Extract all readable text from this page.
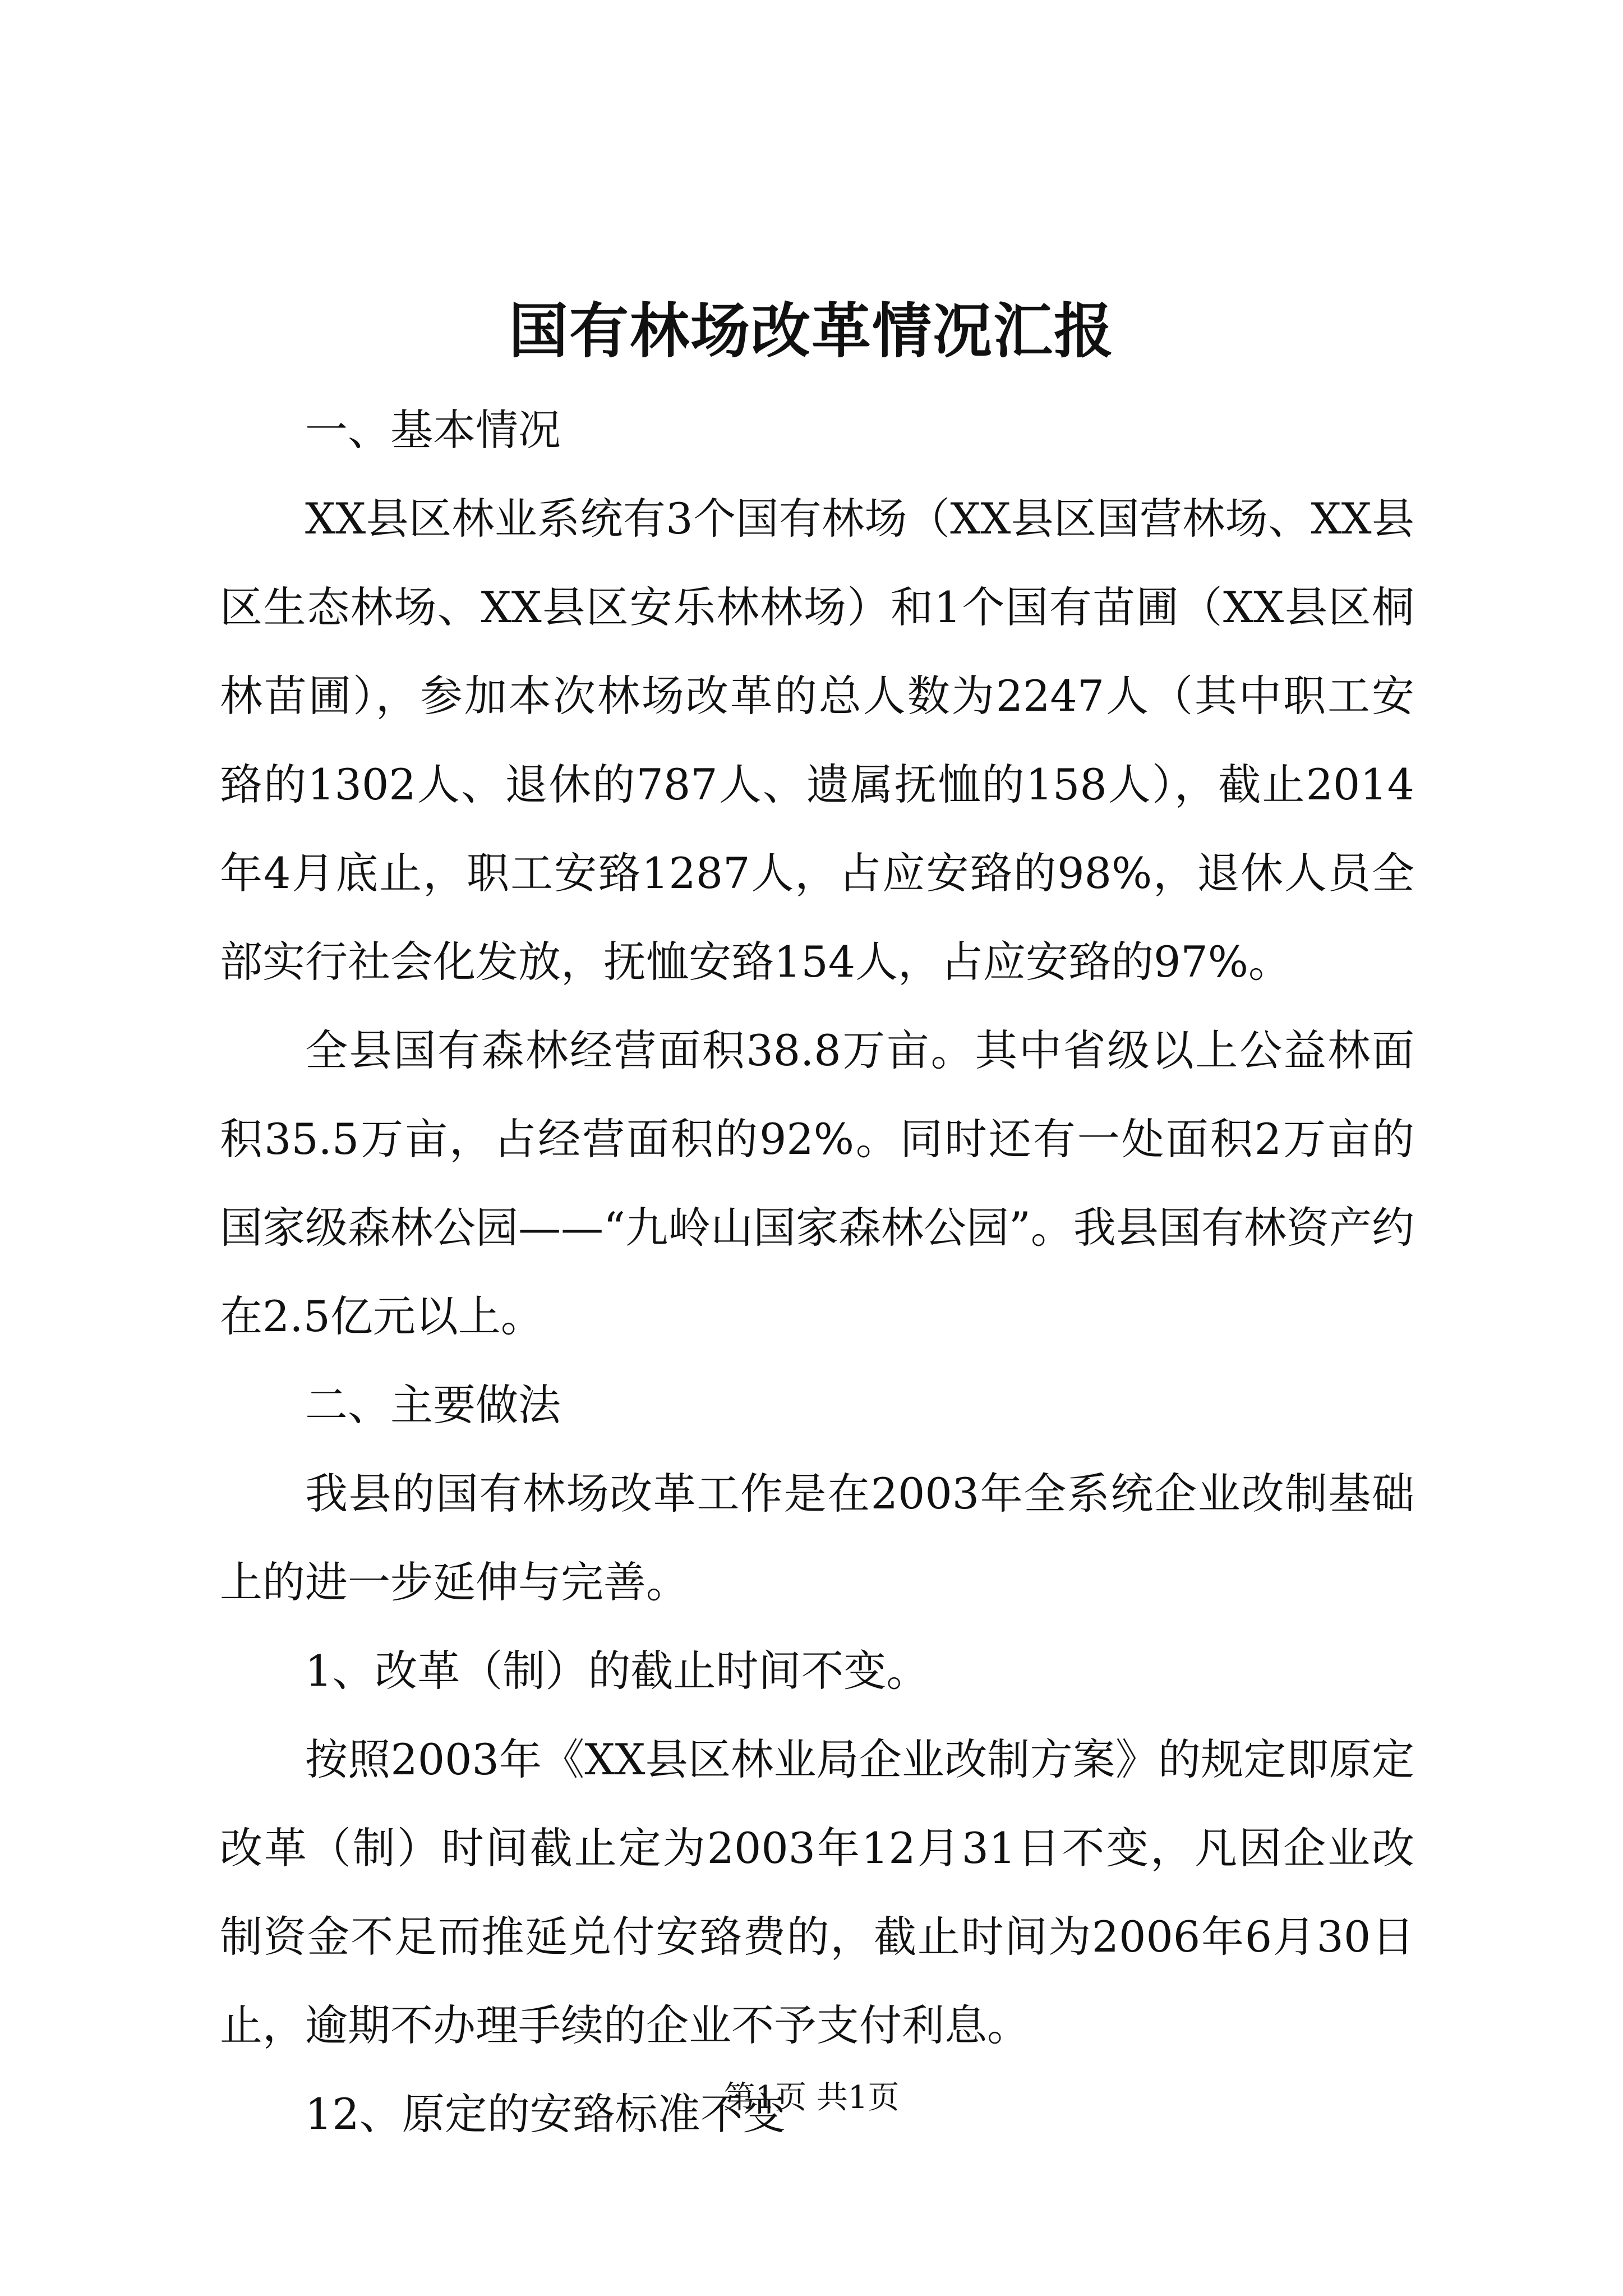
国有林场改革情况汇报

一、基本情况

XX县区林业系统有3个国有林场（XX县区国营林场、XX县区生态林场、XX县区安乐林林场）和1个国有苗圃（XX县区桐林苗圃），参加本次林场改革的总人数为2247人（其中职工安臵的1302人、退休的787人、遗属抚恤的158人），截止2014年4月底止，职工安臵1287人，占应安臵的98%，退休人员全部实行社会化发放，抚恤安臵154人，占应安臵的97%。

全县国有森林经营面积38.8万亩。其中省级以上公益林面积35.5万亩，占经营面积的92%。同时还有一处面积2万亩的国家级森林公园——“九岭山国家森林公园”。我县国有林资产约在2.5亿元以上。

二、主要做法

我县的国有林场改革工作是在2003年全系统企业改制基础上的进一步延伸与完善。

1、改革（制）的截止时间不变。

按照2003年《XX县区林业局企业改制方案》的规定即原定改革（制）时间截止定为2003年12月31日不变，凡因企业改制资金不足而推延兑付安臵费的，截止时间为2006年6月30日止，逾期不办理手续的企业不予支付利息。

12、原定的安臵标准不变

第1页 共1页
